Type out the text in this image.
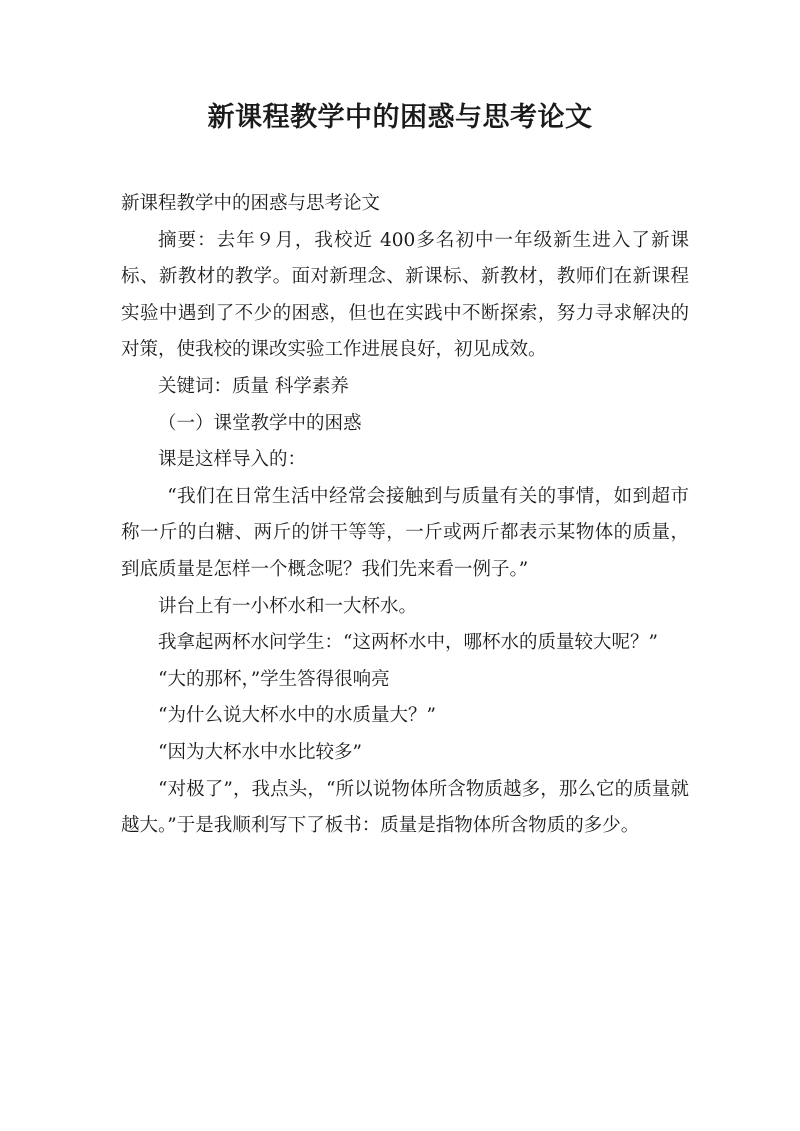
新课程教学中的困惑与思考论文

新课程教学中的困惑与思考论文

摘要：去年９月，我校近 400多名初中一年级新生进入了新课标、新教材的教学。面对新理念、新课标、新教材，教师们在新课程实验中遇到了不少的困惑，但也在实践中不断探索，努力寻求解决的对策，使我校的课改实验工作进展良好，初见成效。

关键词：质量 科学素养

（一）课堂教学中的困惑

课是这样导入的：

“我们在日常生活中经常会接触到与质量有关的事情，如到超市称一斤的白糖、两斤的饼干等等，一斤或两斤都表示某物体的质量，到底质量是怎样一个概念呢？我们先来看一例子。”

讲台上有一小杯水和一大杯水。

我拿起两杯水问学生：“这两杯水中，哪杯水的质量较大呢？”

“大的那杯，”学生答得很响亮

“为什么说大杯水中的水质量大？”

“因为大杯水中水比较多”

“对极了”，我点头，“所以说物体所含物质越多，那么它的质量就越大。”于是我顺利写下了板书：质量是指物体所含物质的多少。
